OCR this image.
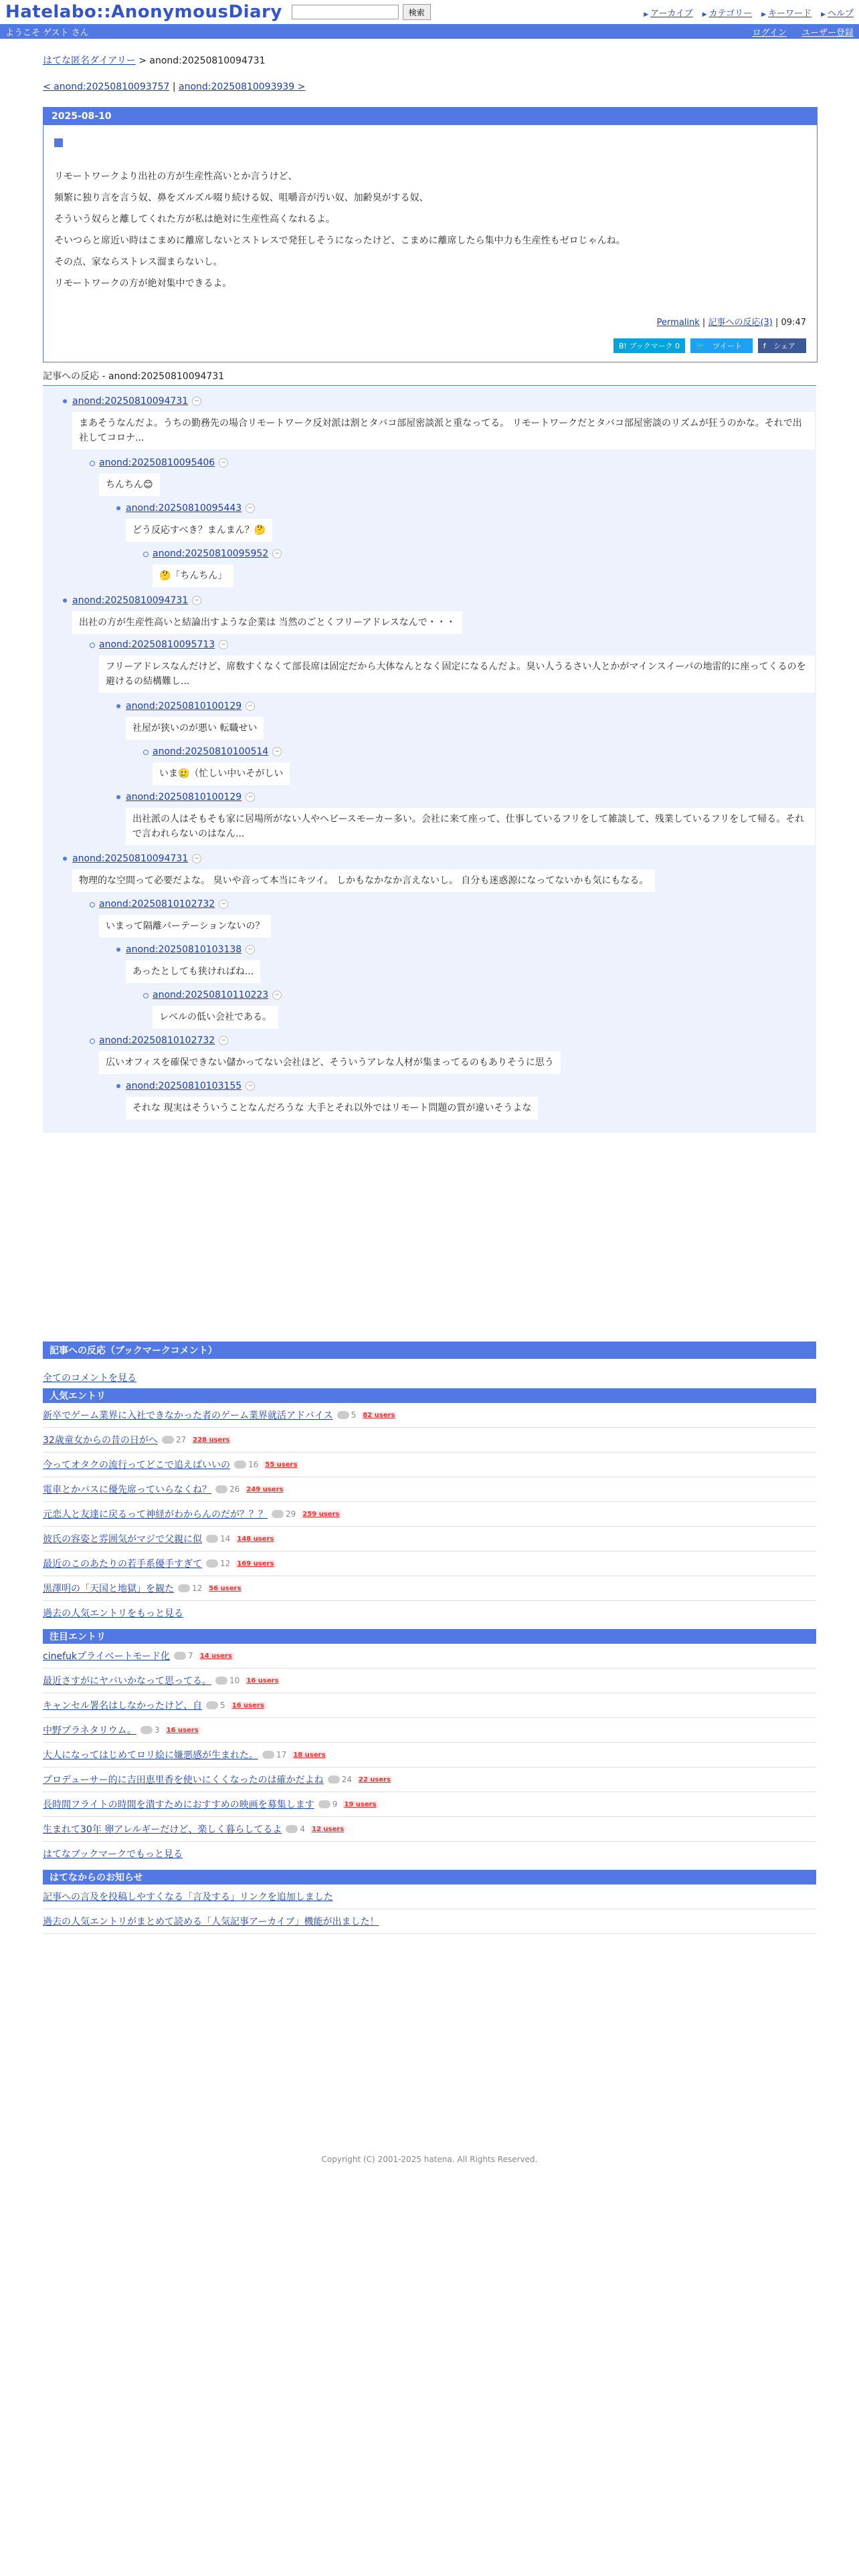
Hatelabo::AnonymousDiary	検索	▶ アーカイブ	▶ カテゴリー	▶ キーワード	▶ ヘルプ
ようこそ ゲスト さん	ログイン ユーザー登録
はてな匿名ダイアリー > anond:20250810094731
< anond:20250810093757 | anond:20250810093939 >
2025-08-10
リモートワークより出社の方が生産性高いとか言うけど、
頻繁に独り言を言う奴、鼻をズルズル啜り続ける奴、咀嚼音が汚い奴、加齢臭がする奴、
そういう奴らと離してくれた方が私は絶対に生産性高くなれるよ。
そいつらと席近い時はこまめに離席しないとストレスで発狂しそうになったけど、こまめに離席したら集中力も生産性もゼロじゃんね。
その点、家ならストレス溜まらないし。
リモートワークの方が絶対集中できるよ。
Permalink | 記事への反応(3) | 09:47
B! ブックマーク 0	🐦 ツイート	f シェア
記事への反応 - anond:20250810094731
anond:20250810094731 −
まあそうなんだよ。うちの勤務先の場合リモートワーク反対派は割とタバコ部屋密談派と重なってる。 リモートワークだとタバコ部屋密談のリズムが狂うのかな。それで出社してコロナ...
anond:20250810095406 −
ちんちん😊
anond:20250810095443 −
どう反応すべき？まんまん？🤔
anond:20250810095952 −
🤔「ちんちん」
anond:20250810094731 −
出社の方が生産性高いと結論出すような企業は 当然のごとくフリーアドレスなんで・・・
anond:20250810095713 −
フリーアドレスなんだけど、席数すくなくて部長席は固定だから大体なんとなく固定になるんだよ。臭い人うるさい人とかがマインスイーパの地雷的に座ってくるのを避けるの結構難し...
anond:20250810100129 −
社屋が狭いのが悪い 転職せい
anond:20250810100514 −
いま🥲（忙しい中いそがしい
anond:20250810100129 −
出社派の人はそもそも家に居場所がない人やヘビースモーカー多い。会社に来て座って、仕事しているフリをして雑談して、残業しているフリをして帰る。それで言われらないのはなん...
anond:20250810094731 −
物理的な空間って必要だよな。 臭いや音って本当にキツイ。 しかもなかなか言えないし。 自分も迷惑源になってないかも気にもなる。
anond:20250810102732 −
いまって隔離パーテーションないの？
anond:20250810103138 −
あったとしても狭ければね...
anond:20250810110223 −
レベルの低い会社である。
anond:20250810102732 −
広いオフィスを確保できない儲かってない会社ほど、そういうアレな人材が集まってるのもありそうに思う
anond:20250810103155 −
それな 現実はそういうことなんだろうな 大手とそれ以外ではリモート問題の質が違いそうよな
記事への反応（ブックマークコメント）
全てのコメントを見る
人気エントリ
新卒でゲーム業界に入社できなかった者のゲーム業界就活アドバイス	5 82 users
32歳童女からの昔の日がへ	27 228 users
今ってオタクの流行ってどこで追えばいいの	16 55 users
電車とかバスに優先席っていらなくね？	26 249 users
元恋人と友達に戻るって神経がわからんのだが？？？	29 259 users
彼氏の容姿と雰囲気がマジで父親に似	14 148 users
最近のこのあたりの若手系優手すぎて	12 169 users
黒澤明の「天国と地獄」を観た	12 56 users
過去の人気エントリをもっと見る
注目エントリ
cinefukプライベートモード化	7 14 users
最近さすがにヤバいかなって思ってる。	10 16 users
キャンセル署名はしなかったけど、自	5 16 users
中野プラネタリウム。	3 16 users
大人になってはじめてロリ絵に嫌悪感が生まれた。	17 18 users
プロデューサー的に吉田恵里香を使いにくくなったのは確かだよね	24 22 users
長時間フライトの時間を潰すためにおすすめの映画を募集します	9 19 users
生まれて30年 卵アレルギーだけど、楽しく暮らしてるよ	4 12 users
はてなブックマークでもっと見る
はてなからのお知らせ
記事への言及を投稿しやすくなる「言及する」リンクを追加しました
過去の人気エントリがまとめて読める「人気記事アーカイブ」機能が出ました！
Copyright (C) 2001-2025 hatena. All Rights Reserved.
